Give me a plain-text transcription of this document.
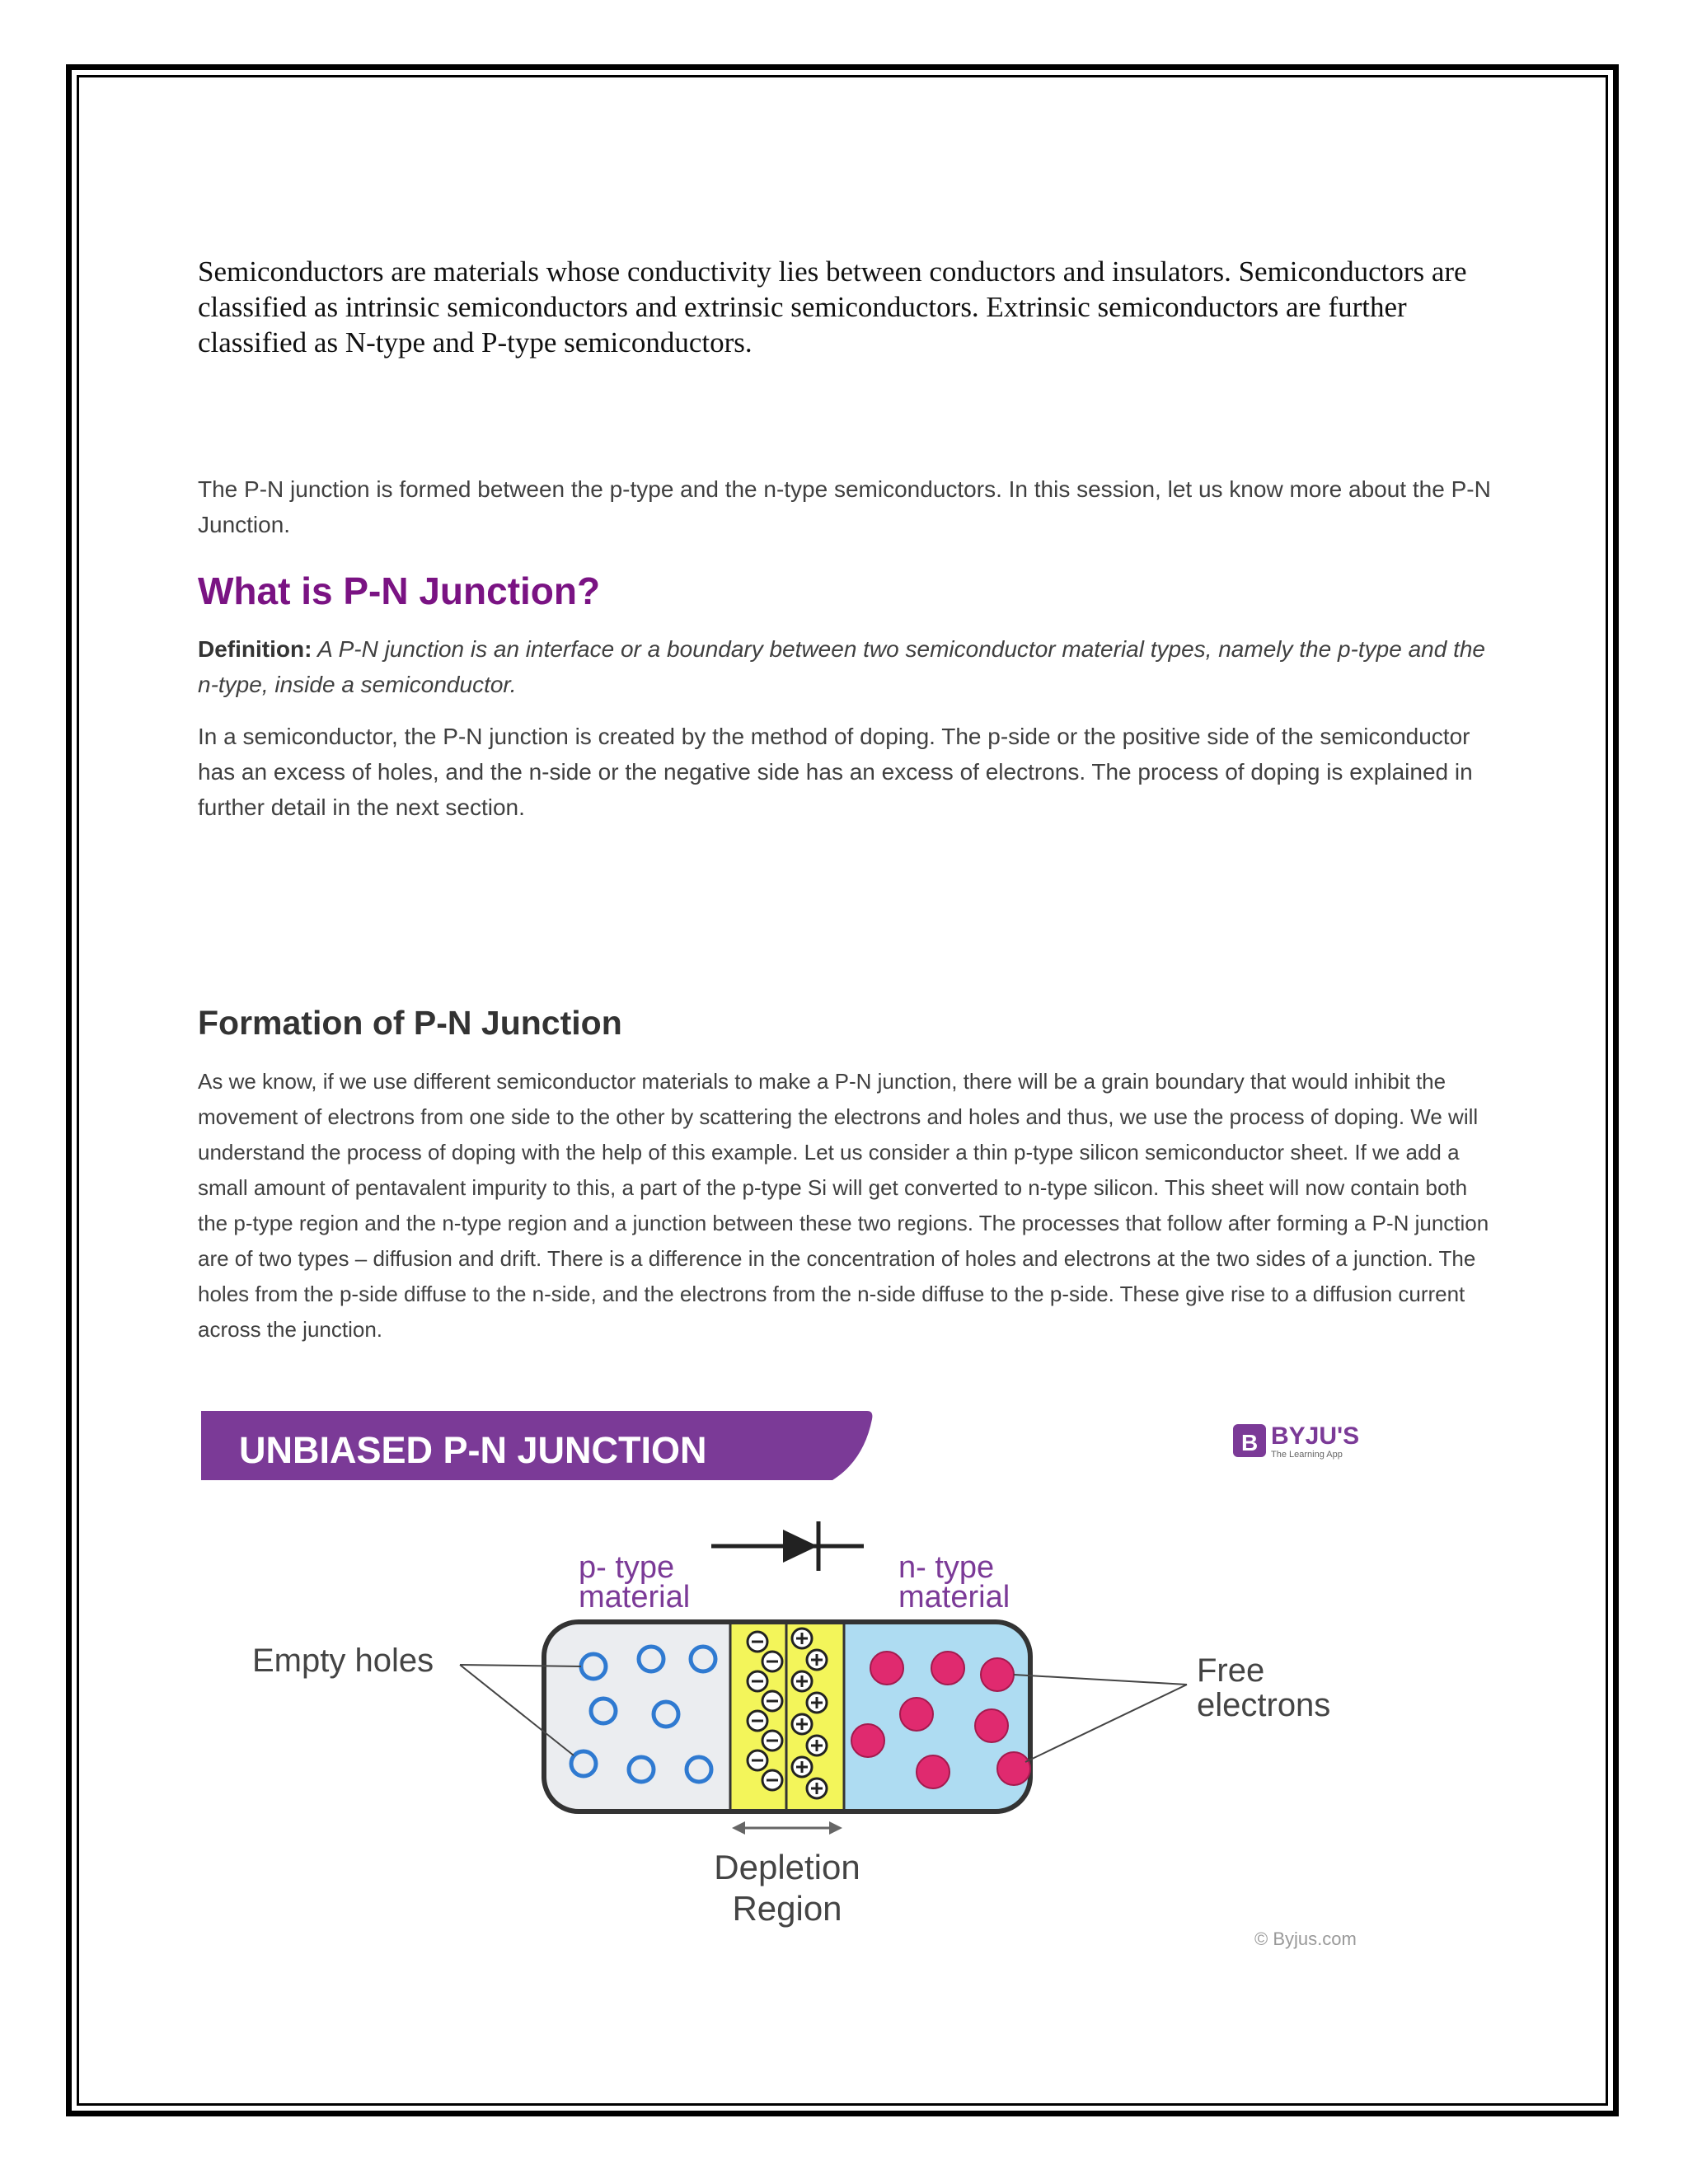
Semiconductors are materials whose conductivity lies between conductors and insulators. Semiconductors are classified as intrinsic semiconductors and extrinsic semiconductors. Extrinsic semiconductors are further classified as N-type and P-type semiconductors.

The P-N junction is formed between the p-type and the n-type semiconductors. In this session, let us know more about the P-N Junction.

What is P-N Junction?

Definition: A P-N junction is an interface or a boundary between two semiconductor material types, namely the p-type and the n-type, inside a semiconductor.

In a semiconductor, the P-N junction is created by the method of doping. The p-side or the positive side of the semiconductor has an excess of holes, and the n-side or the negative side has an excess of electrons. The process of doping is explained in further detail in the next section.

Formation of P-N Junction

As we know, if we use different semiconductor materials to make a P-N junction, there will be a grain boundary that would inhibit the movement of electrons from one side to the other by scattering the electrons and holes and thus, we use the process of doping. We will understand the process of doping with the help of this example. Let us consider a thin p-type silicon semiconductor sheet. If we add a small amount of pentavalent impurity to this, a part of the p-type Si will get converted to n-type silicon. This sheet will now contain both the p-type region and the n-type region and a junction between these two regions. The processes that follow after forming a P-N junction are of two types – diffusion and drift. There is a difference in the concentration of holes and electrons at the two sides of a junction. The holes from the p-side diffuse to the n-side, and the electrons from the n-side diffuse to the p-side. These give rise to a diffusion current across the junction.

UNBIASED P-N JUNCTION	B BYJU'S
The Learning App
p- type
material
n- type
material
Empty holes	Free
electrons
Depletion
Region
© Byjus.com
